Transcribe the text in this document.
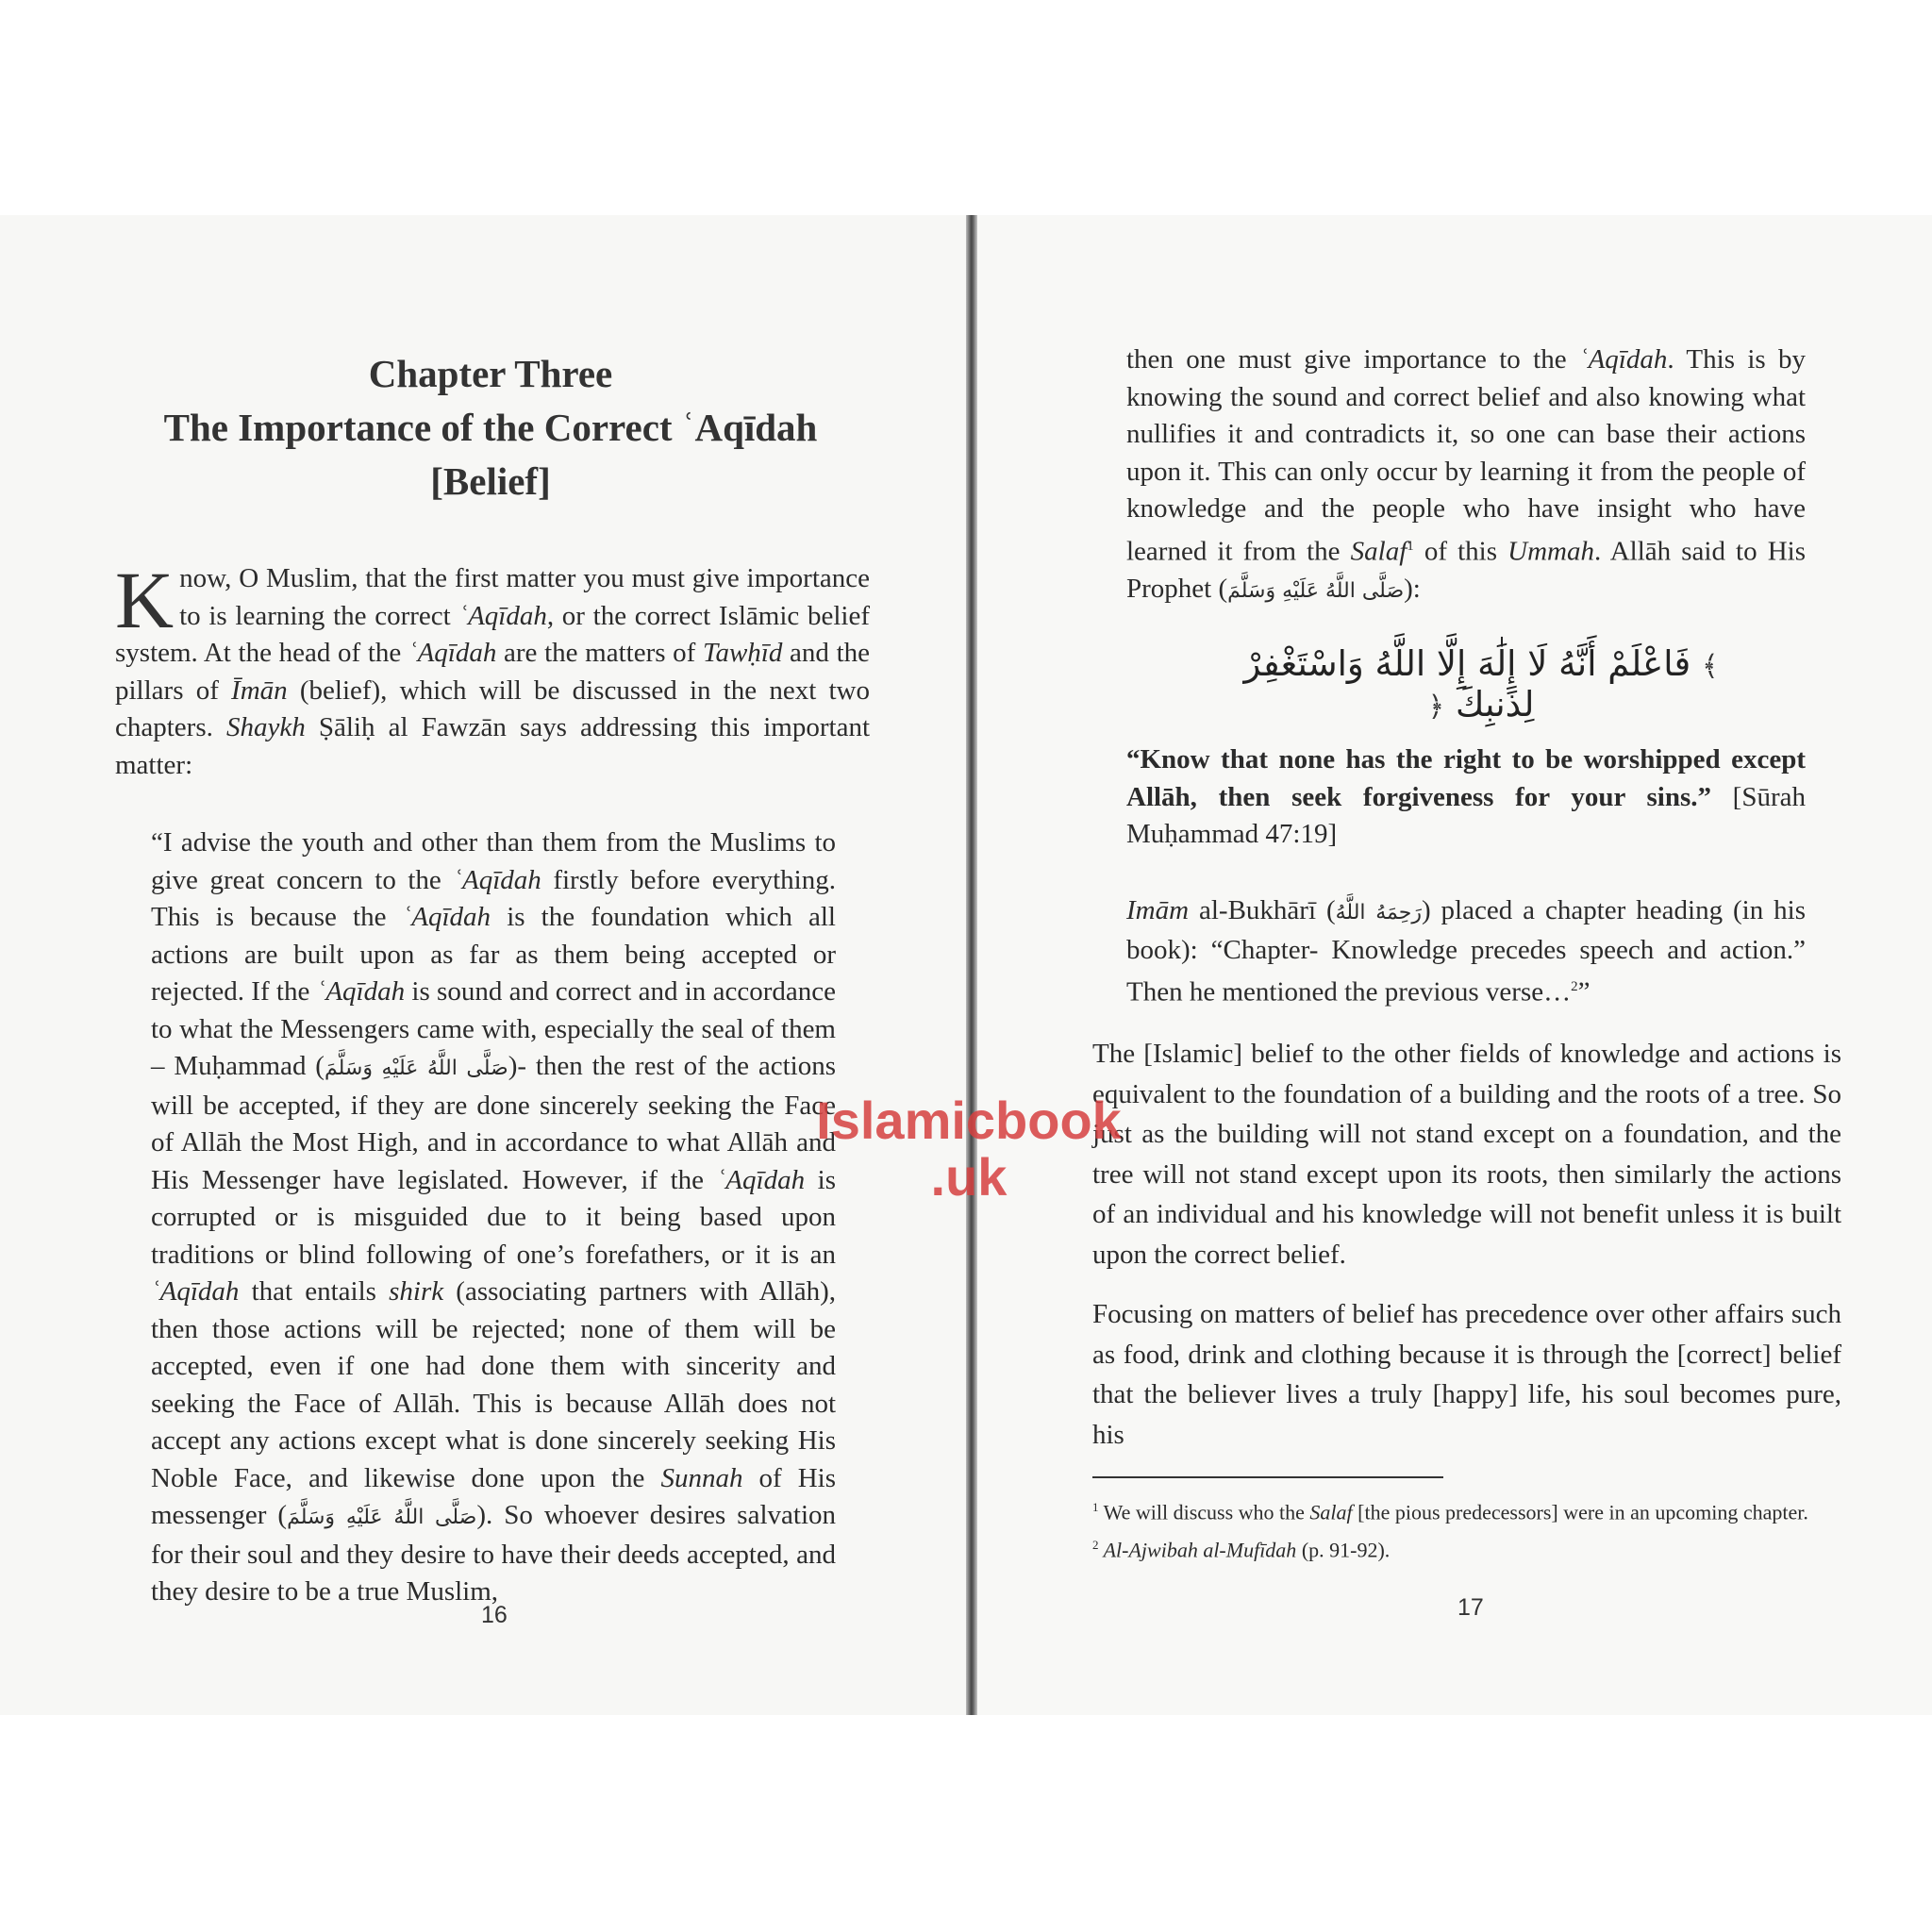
Chapter Three
The Importance of the Correct ʿAqīdah
[Belief]

Know, O Muslim, that the first matter you must give importance to is learning the correct ʿAqīdah, or the correct Islāmic belief system. At the head of the ʿAqīdah are the matters of Tawḥīd and the pillars of Īmān (belief), which will be discussed in the next two chapters. Shaykh Ṣāliḥ al Fawzān says addressing this important matter:

“I advise the youth and other than them from the Muslims to give great concern to the ʿAqīdah firstly before everything. This is because the ʿAqīdah is the foundation which all actions are built upon as far as them being accepted or rejected. If the ʿAqīdah is sound and correct and in accordance to what the Messengers came with, especially the seal of them – Muḥammad (صَلَّى اللَّهُ عَلَيْهِ وَسَلَّمَ)- then the rest of the actions will be accepted, if they are done sincerely seeking the Face of Allāh the Most High, and in accordance to what Allāh and His Messenger have legislated. However, if the ʿAqīdah is corrupted or is misguided due to it being based upon traditions or blind following of one’s forefathers, or it is an ʿAqīdah that entails shirk (associating partners with Allāh), then those actions will be rejected; none of them will be accepted, even if one had done them with sincerity and seeking the Face of Allāh. This is because Allāh does not accept any actions except what is done sincerely seeking His Noble Face, and likewise done upon the Sunnah of His messenger (صَلَّى اللَّهُ عَلَيْهِ وَسَلَّمَ). So whoever desires salvation for their soul and they desire to have their deeds accepted, and they desire to be a true Muslim,

16

then one must give importance to the ʿAqīdah. This is by knowing the sound and correct belief and also knowing what nullifies it and contradicts it, so one can base their actions upon it. This can only occur by learning it from the people of knowledge and the people who have insight who have learned it from the Salaf$^1$ of this Ummah. Allāh said to His Prophet (صَلَّى اللَّهُ عَلَيْهِ وَسَلَّمَ):

﴾ فَاعْلَمْ أَنَّهُ لَا إِلَٰهَ إِلَّا اللَّهُ وَاسْتَغْفِرْ لِذَنبِكَ ﴿

“Know that none has the right to be worshipped except Allāh, then seek forgiveness for your sins.” [Sūrah Muḥammad 47:19]

Imām al-Bukhārī (رَحِمَهُ اللَّهُ) placed a chapter heading (in his book): “Chapter- Knowledge precedes speech and action.” Then he mentioned the previous verse…$^2$”

The [Islamic] belief to the other fields of knowledge and actions is equivalent to the foundation of a building and the roots of a tree. So just as the building will not stand except on a foundation, and the tree will not stand except upon its roots, then similarly the actions of an individual and his knowledge will not benefit unless it is built upon the correct belief.

Focusing on matters of belief has precedence over other affairs such as food, drink and clothing because it is through the [correct] belief that the believer lives a truly [happy] life, his soul becomes pure, his

$^1$ We will discuss who the Salaf [the pious predecessors] were in an upcoming chapter.

$^2$ Al-Ajwibah al-Mufīdah (p. 91-92).

17
Islamicbook
.uk
